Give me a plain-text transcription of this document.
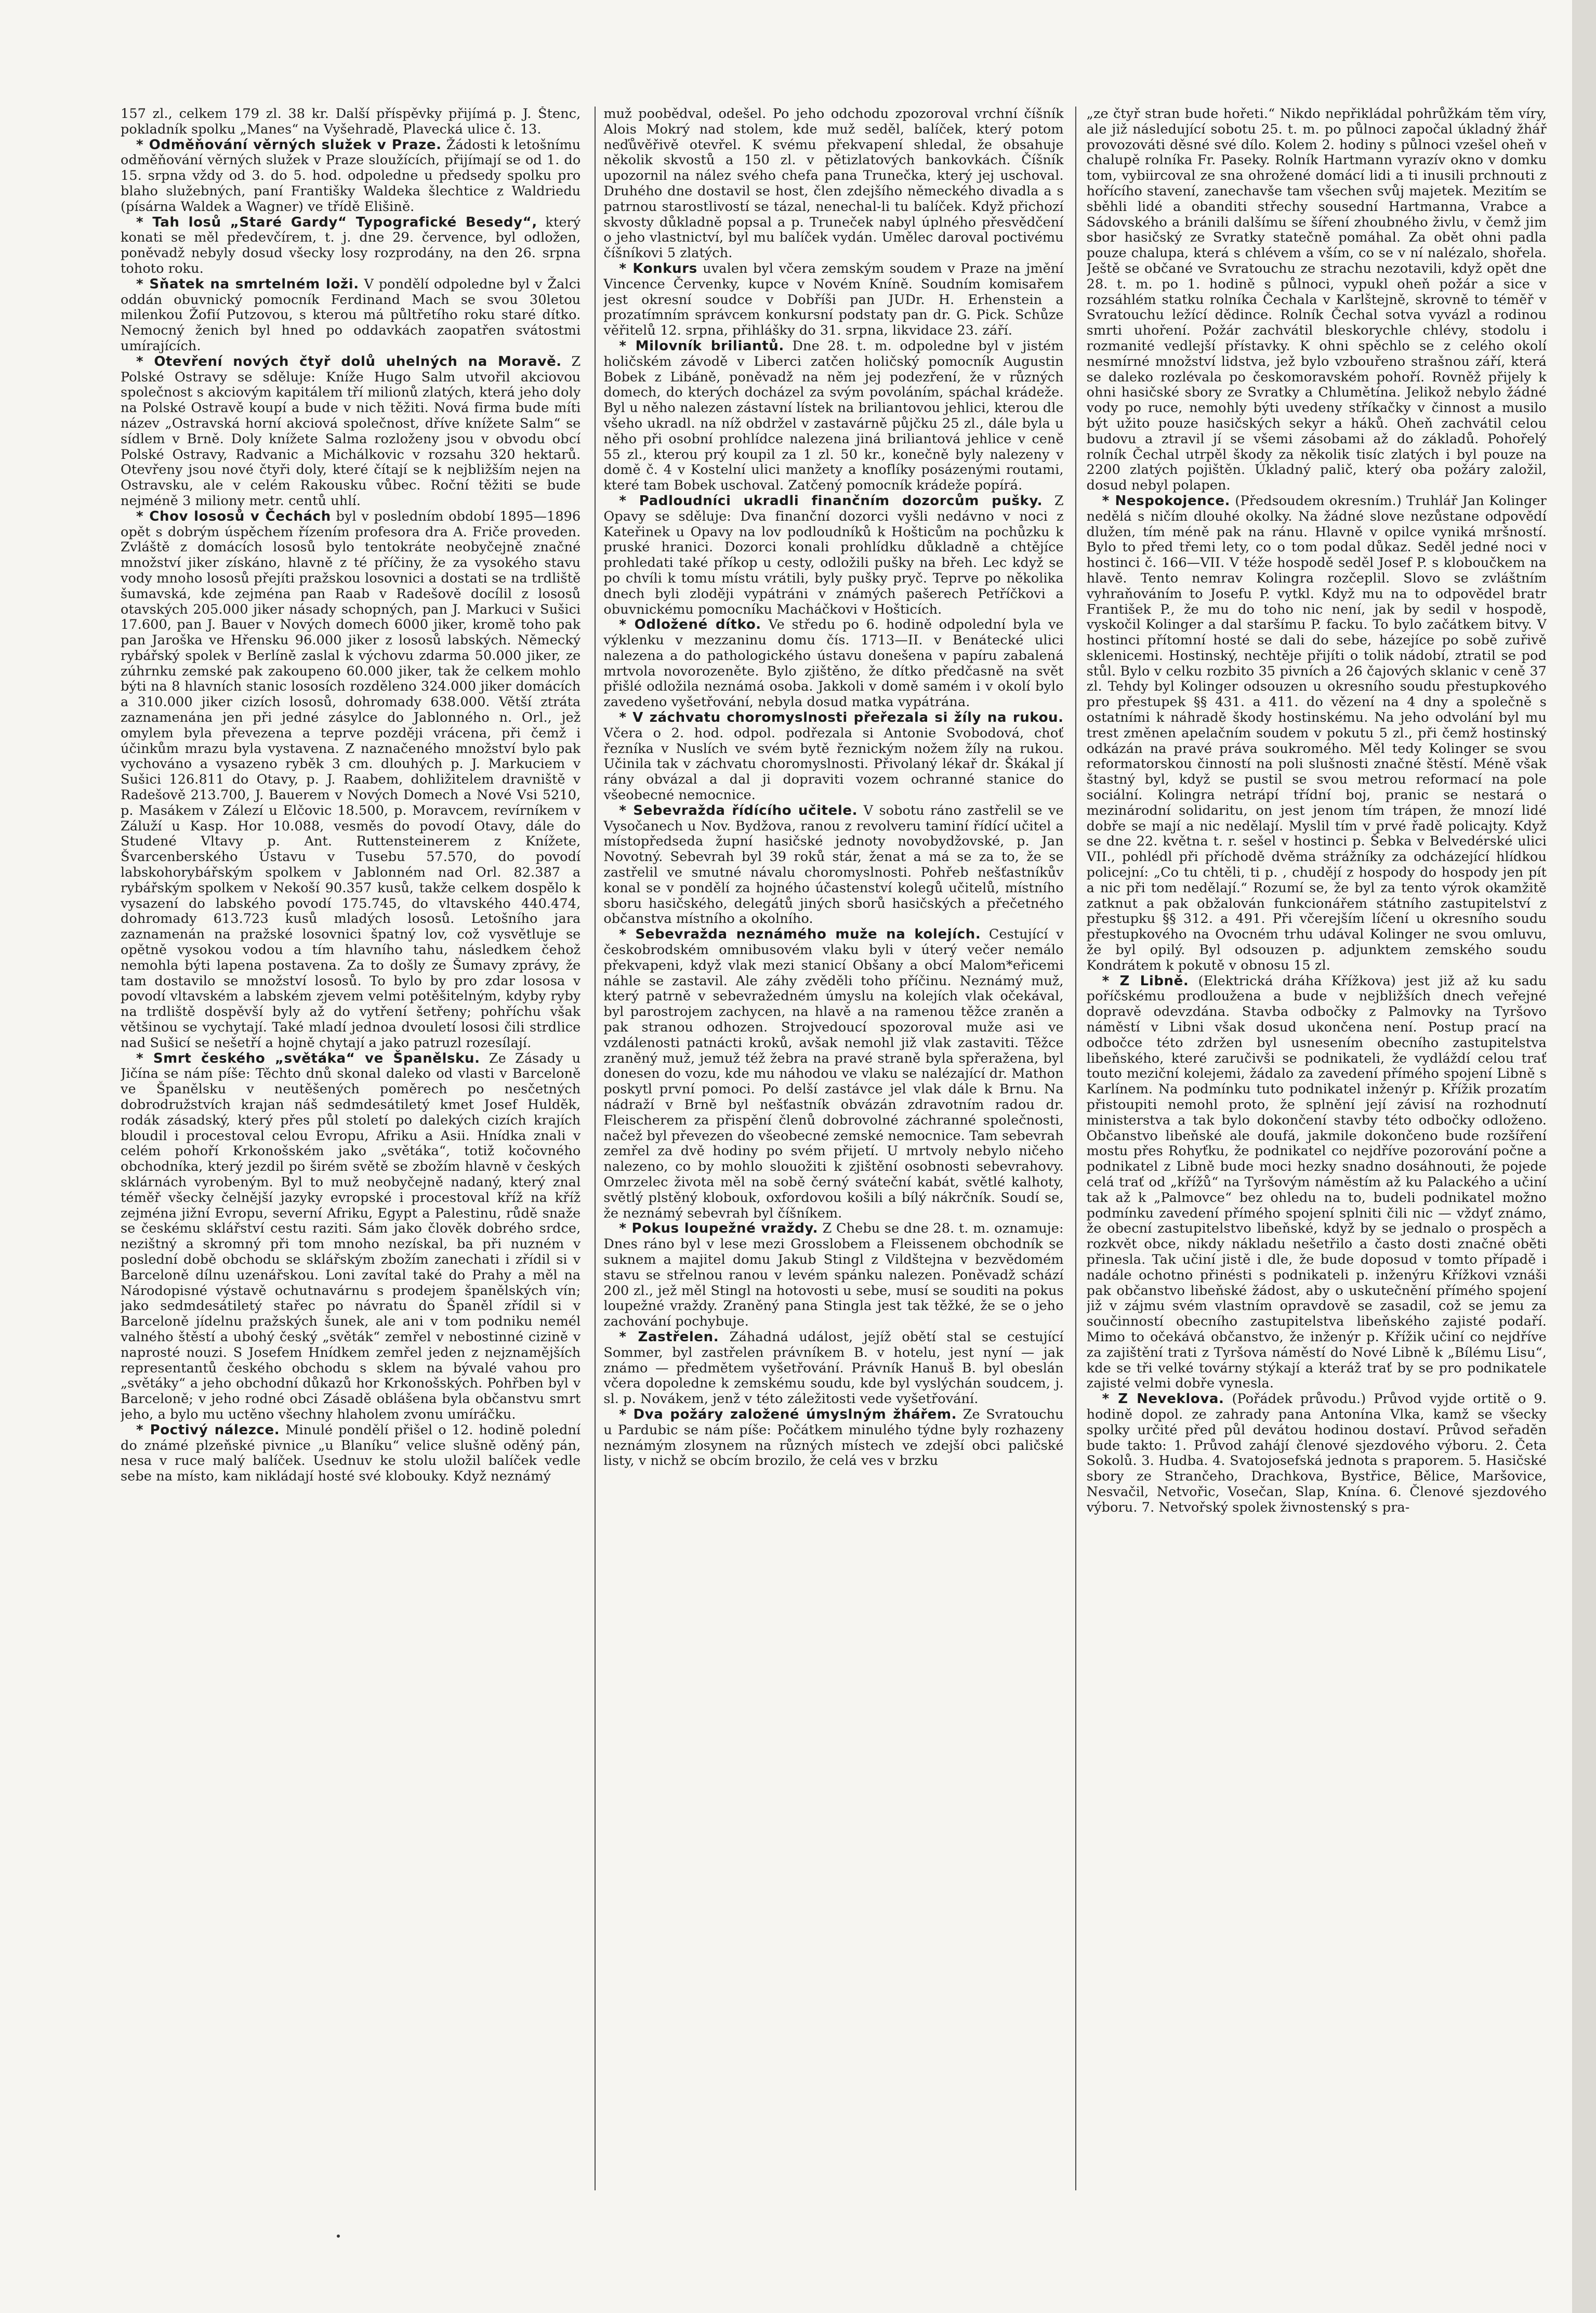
157 zl., celkem 179 zl. 38 kr. Další příspěvky přijímá p. J. Štenc, pokladník spolku „Manes“ na Vyšehradě, Plavecká ulice č. 13.

* Odměňování věrných služek v Praze. Žádosti k letošnímu odměňování věrných služek v Praze sloužících, přijímají se od 1. do 15. srpna vždy od 3. do 5. hod. odpoledne u předsedy spolku pro blaho služebných, paní Františky Waldeka šlechtice z Waldriedu (písárna Waldek a Wagner) ve třídě Elišině.

* Tah losů „Staré Gardy“ Typografické Besedy“, který konati se měl předevčírem, t. j. dne 29. července, byl odložen, poněvadž nebyly dosud všecky losy rozprodány, na den 26. srpna tohoto roku.

* Sňatek na smrtelném loži. V pondělí odpoledne byl v Žalci oddán obuvnický pomocník Ferdinand Mach se svou 30letou milenkou Žofií Putzovou, s kterou má půltřetího roku staré dítko. Nemocný ženich byl hned po oddavkách zaopatřen svátostmi umírajících.

* Otevření nových čtyř dolů uhelných na Moravě. Z Polské Ostravy se sděluje: Kníže Hugo Salm utvořil akciovou společnost s akciovým kapitálem tří milionů zlatých, která jeho doly na Polské Ostravě koupí a bude v nich těžiti. Nová firma bude míti název „Ostravská horní akciová společnost, dříve knížete Salm“ se sídlem v Brně. Doly knížete Salma rozloženy jsou v obvodu obcí Polské Ostravy, Radvanic a Michálkovic v rozsahu 320 hektarů. Otevřeny jsou nové čtyři doly, které čítají se k nejbližším nejen na Ostravsku, ale v celém Rakousku vůbec. Roční těžiti se bude nejméně 3 miliony metr. centů uhlí.

* Chov lososů v Čechách byl v posledním období 1895—1896 opět s dobrým úspěchem řízením profesora dra A. Friče proveden. Zvláště z domácích lososů bylo tentokráte neobyčejně značné množství jiker získáno, hlavně z té příčiny, že za vysokého stavu vody mnoho lososů přejíti pražskou losovnici a dostati se na trdliště šumavská, kde zejména pan Raab v Radešově docílil z lososů otavských 205.000 jiker násady schopných, pan J. Markuci v Sušici 17.600, pan J. Bauer v Nových domech 6000 jiker, kromě toho pak pan Jaroška ve Hřensku 96.000 jiker z lososů labských. Německý rybářský spolek v Berlíně zaslal k výchovu zdarma 50.000 jiker, ze zúhrnku zemské pak zakoupeno 60.000 jiker, tak že celkem mohlo býti na 8 hlavních stanic lososích rozděleno 324.000 jiker domácích a 310.000 jiker cizích lososů, dohromady 638.000. Větší ztráta zaznamenána jen při jedné zásylce do Jablonného n. Orl., jež omylem byla převezena a teprve později vrácena, při čemž i účinkům mrazu byla vystavena. Z naznačeného množství bylo pak vychováno a vysazeno ryběk 3 cm. dlouhých p. J. Markuciem v Sušici 126.811 do Otavy, p. J. Raabem, dohližitelem dravniště v Radešově 213.700, J. Bauerem v Nových Domech a Nové Vsi 5210, p. Masákem v Zálezí u Elčovic 18.500, p. Moravcem, revírníkem v Záluží u Kasp. Hor 10.088, vesměs do povodí Otavy, dále do Studené Vltavy p. Ant. Ruttensteinerem z Knížete, Švarcenberského Ústavu v Tusebu 57.570, do povodí labskohorybářským spolkem v Jablonném nad Orl. 82.387 a rybářským spolkem v Nekoší 90.357 kusů, takže celkem dospělo k vysazení do labského povodí 175.745, do vltavského 440.474, dohromady 613.723 kusů mladých lososů. Letošního jara zaznamenán na pražské losovnici špatný lov, což vysvětluje se opětně vysokou vodou a tím hlavního tahu, následkem čehož nemohla býti lapena postavena. Za to došly ze Šumavy zprávy, že tam dostavilo se množství lososů. To bylo by pro zdar lososa v povodí vltavském a labském zjevem velmi potěšitelným, kdyby ryby na trdliště dospěvší byly až do vytření šetřeny; pohříchu však většinou se vychytají. Také mladí jednoa dvouletí lososi čili strdlice nad Sušicí se nešetří a hojně chytají a jako patruzl rozesílají.

* Smrt českého „světáka“ ve Španělsku. Ze Zásady u Jičína se nám píše: Těchto dnů skonal daleko od vlasti v Barceloně ve Španělsku v neutěšených poměrech po nesčetných dobrodružstvích krajan náš sedmdesátiletý kmet Josef Hulděk, rodák zásadský, který přes půl století po dalekých cizích krajích bloudil i procestoval celou Evropu, Afriku a Asii. Hnídka znali v celém pohoří Krkonošském jako „světáka“, totiž kočovného obchodníka, který jezdil po širém světě se zbožím hlavně v českých sklárnách vyrobeným. Byl to muž neobyčejně nadaný, který znal téměř všecky čelnější jazyky evropské i procestoval kříž na kříž zejména jižní Evropu, severní Afriku, Egypt a Palestinu, růdě snaže se českému sklářství cestu raziti. Sám jako člověk dobrého srdce, nezištný a skromný při tom mnoho nezískal, ba při nuzném v poslední době obchodu se sklářským zbožím zanechati i zřídil si v Barceloně dílnu uzenářskou. Loni zavítal také do Prahy a měl na Národopisné výstavě ochutnavárnu s prodejem španělských vín; jako sedmdesátiletý stařec po návratu do Španěl zřídil si v Barceloně jídelnu pražských šunek, ale ani v tom podniku nemél valného štěstí a ubohý český „světák“ zemřel v nebostinné cizině v naprosté nouzi. S Josefem Hnídkem zemřel jeden z nejznamějších representantů českého obchodu s sklem na bývalé vahou pro „světáky“ a jeho obchodní důkazů hor Krkonošských. Pohřben byl v Barceloně; v jeho rodné obci Zásadě oblášena byla občanstvu smrt jeho, a bylo mu uctěno všechny hlaholem zvonu umíráčku.

* Poctivý nálezce. Minulé pondělí přišel o 12. hodině polední do známé plzeňské pivnice „u Blaníku“ velice slušně oděný pán, nesa v ruce malý balíček. Usednuv ke stolu uložil balíček vedle sebe na místo, kam nikládají hosté své klobouky. Když neznámý

muž poobědval, odešel. Po jeho odchodu zpozoroval vrchní číšník Alois Mokrý nad stolem, kde muž seděl, balíček, který potom neďůvěřivě otevřel. K svému překvapení shledal, že obsahuje několik skvostů a 150 zl. v pětizlatových bankovkách. Číšník upozornil na nález svého chefa pana Trunečka, který jej uschoval. Druhého dne dostavil se host, člen zdejšího německého divadla a s patrnou starostlivostí se tázal, nenechal-li tu balíček. Když přichozí skvosty důkladně popsal a p. Truneček nabyl úplného přesvědčení o jeho vlastnictví, byl mu balíček vydán. Umělec daroval poctivému číšníkovi 5 zlatých.

* Konkurs uvalen byl včera zemským soudem v Praze na jmění Vincence Červenky, kupce v Novém Kníně. Soudním komisařem jest okresní soudce v Dobříši pan JUDr. H. Erhenstein a prozatímním správcem konkursní podstaty pan dr. G. Pick. Schůze věřitelů 12. srpna, přihlášky do 31. srpna, likvidace 23. září.

* Milovník briliantů. Dne 28. t. m. odpoledne byl v jistém holičském závodě v Liberci zatčen holičský pomocník Augustin Bobek z Libáně, poněvadž na něm jej podezření, že v různých domech, do kterých docházel za svým povoláním, spáchal krádeže. Byl u něho nalezen zástavní lístek na briliantovou jehlici, kterou dle všeho ukradl. na níž obdržel v zastavárně půjčku 25 zl., dále byla u něho při osobní prohlídce nalezena jiná briliantová jehlice v ceně 55 zl., kterou prý koupil za 1 zl. 50 kr., konečně byly nalezeny v domě č. 4 v Kostelní ulici manžety a knoflíky posázenými routami, které tam Bobek uschoval. Zatčený pomocník krádeže popírá.

* Padloudníci ukradli finančním dozorcům pušky. Z Opavy se sděluje: Dva finanční dozorci vyšli nedávno v noci z Kateřinek u Opavy na lov podloudníků k Hošticům na pochůzku k pruské hranici. Dozorci konali prohlídku důkladně a chtějíce prohledati také příkop u cesty, odložili pušky na břeh. Lec když se po chvíli k tomu místu vrátili, byly pušky pryč. Teprve po několika dnech byli zloději vypátráni v známých pašerech Petříčkovi a obuvnickému pomocníku Macháčkovi v Hošticích.

* Odložené dítko. Ve středu po 6. hodině odpolední byla ve výklenku v mezzaninu domu čís. 1713—II. v Benátecké ulici nalezena a do pathologického ústavu donešena v papíru zabalená mrtvola novorozeněte. Bylo zjištěno, že dítko předčasně na svět přišlé odložila neznámá osoba. Jakkoli v domě samém i v okolí bylo zavedeno vyšetřování, nebyla dosud matka vypátrána.

* V záchvatu choromyslnosti přeřezala si žíly na rukou. Včera o 2. hod. odpol. podřezala si Antonie Svobodová, choť řezníka v Nuslích ve svém bytě řeznickým nožem žíly na rukou. Učinila tak v záchvatu choromyslnosti. Přivolaný lékař dr. Škákal jí rány obvázal a dal ji dopraviti vozem ochranné stanice do všeobecné nemocnice.

* Sebevražda řídícího učitele. V sobotu ráno zastřelil se ve Vysočanech u Nov. Bydžova, ranou z revolveru taminí řídící učitel a místopředseda župní hasičské jednoty novobydžovské, p. Jan Novotný. Sebevrah byl 39 roků stár, ženat a má se za to, že se zastřelil ve smutné návalu choromyslnosti. Pohřeb nešťastníkův konal se v pondělí za hojného účastenství kolegů učitelů, místního sboru hasičského, delegátů jiných sborů hasičských a přečetného občanstva místního a okolního.

* Sebevražda neznámého muže na kolejích. Cestující v českobrodském omnibusovém vlaku byli v úterý večer nemálo překvapeni, když vlak mezi stanicí Obšany a obcí Malom*eřicemi náhle se zastavil. Ale záhy zvěděli toho příčinu. Neznámý muž, který patrně v sebevražedném úmyslu na kolejích vlak očekával, byl parostrojem zachycen, na hlavě a na ramenou těžce zraněn a pak stranou odhozen. Strojvedoucí spozoroval muže asi ve vzdálenosti patnácti kroků, avšak nemohl již vlak zastaviti. Těžce zraněný muž, jemuž též žebra na pravé straně byla spřeražena, byl donesen do vozu, kde mu náhodou ve vlaku se nalézající dr. Mathon poskytl první pomoci. Po delší zastávce jel vlak dále k Brnu. Na nádraží v Brně byl nešťastník obvázán zdravotním radou dr. Fleischerem za přispění členů dobrovolné záchranné společnosti, načež byl převezen do všeobecné zemské nemocnice. Tam sebevrah zemřel za dvě hodiny po svém přijetí. U mrtvoly nebylo ničeho nalezeno, co by mohlo slouožiti k zjištění osobnosti sebevrahovy. Omrzelec života měl na sobě černý sváteční kabát, světlé kalhoty, světlý plstěný klobouk, oxfordovou košili a bílý nákrčník. Soudí se, že neznámý sebevrah byl číšníkem.

* Pokus loupežné vraždy. Z Chebu se dne 28. t. m. oznamuje: Dnes ráno byl v lese mezi Grosslobem a Fleissenem obchodník se suknem a majitel domu Jakub Stingl z Vildštejna v bezvědomém stavu se střelnou ranou v levém spánku nalezen. Poněvadž schází 200 zl., jež měl Stingl na hotovosti u sebe, musí se souditi na pokus loupežné vraždy. Zraněný pana Stingla jest tak těžké, že se o jeho zachování pochybuje.

* Zastřelen. Záhadná událost, jejíž obětí stal se cestující Sommer, byl zastřelen právníkem B. v hotelu, jest nyní — jak známo — předmětem vyšetřování. Právník Hanuš B. byl obeslán včera dopoledne k zemskému soudu, kde byl vyslýchán soudcem, j. sl. p. Novákem, jenž v této záležitosti vede vyšetřování.

* Dva požáry založené úmyslným žhářem. Ze Svratouchu u Pardubic se nám píše: Počátkem minulého týdne byly rozhazeny neznámým zlosynem na různých místech ve zdejší obci paličské listy, v nichž se obcím brozilo, že celá ves v brzku

„ze čtyř stran bude hořeti.“ Nikdo nepřikládal pohrůžkám těm víry, ale již následující sobotu 25. t. m. po půlnoci započal úkladný žhář provozováti děsné své dílo. Kolem 2. hodiny s půlnoci vzešel oheň v chalupě rolníka Fr. Paseky. Rolník Hartmann vyrazív okno v domku tom, vybiircoval ze sna ohrožené domácí lidi a ti inusili prchnouti z hořícího stavení, zanechavše tam všechen svůj majetek. Mezitím se sběhli lidé a obanditi střechy sousední Hartmanna, Vrabce a Sádovského a bránili dalšímu se šíření zhoubného živlu, v čemž jim sbor hasičský ze Svratky statečně pomáhal. Za obět ohni padla pouze chalupa, která s chlévem a vším, co se v ní nalézalo, shořela. Ještě se občané ve Svratouchu ze strachu nezotavili, když opět dne 28. t. m. po 1. hodině s půlnoci, vypukl oheň požár a sice v rozsáhlém statku rolníka Čechala v Karlštejně, skrovně to téměř v Svratouchu ležící dědince. Rolník Čechal sotva vyvázl a rodinou smrti uhoření. Požár zachvátil bleskorychle chlévy, stodolu i rozmanité vedlejší přístavky. K ohni spěchlo se z celého okolí nesmírné množství lidstva, jež bylo vzbouřeno strašnou září, která se daleko rozlévala po českomoravském pohoří. Rovněž přijely k ohni hasičské sbory ze Svratky a Chlumětína. Jelikož nebylo žádné vody po ruce, nemohly býti uvedeny stříkačky v činnost a musilo být užito pouze hasičských sekyr a háků. Oheň zachvátil celou budovu a ztravil jí se všemi zásobami až do základů. Pohořelý rolník Čechal utrpěl škody za několik tisíc zlatých i byl pouze na 2200 zlatých pojištěn. Úkladný palič, který oba požáry založil, dosud nebyl polapen.

* Nespokojence. (Předsoudem okresním.) Truhlář Jan Kolinger nedělá s ničím dlouhé okolky. Na žádné slove nezůstane odpovědí dlužen, tím méně pak na ránu. Hlavně v opilce vyniká mršností. Bylo to před třemi lety, co o tom podal důkaz. Seděl jedné noci v hostinci č. 166—VII. V téže hospodě seděl Josef P. s kloboučkem na hlavě. Tento nemrav Kolingra rozčeplil. Slovo se zvláštním vyhraňováním to Josefu P. vytkl. Když mu na to odpovědel bratr František P., že mu do toho nic není, jak by sedil v hospodě, vyskočil Kolinger a dal staršímu P. facku. To bylo začátkem bitvy. V hostinci přítomní hosté se dali do sebe, házejíce po sobě zuřivě sklenicemi. Hostinský, nechtěje přijíti o tolik nádobí, ztratil se pod stůl. Bylo v celku rozbito 35 pivních a 26 čajových sklanic v ceně 37 zl. Tehdy byl Kolinger odsouzen u okresního soudu přestupkového pro přestupek §§ 431. a 411. do vězení na 4 dny a společně s ostatními k náhradě škody hostinskému. Na jeho odvolání byl mu trest změnen apelačním soudem v pokutu 5 zl., při čemž hostinský odkázán na pravé práva soukromého. Měl tedy Kolinger se svou reformatorskou činností na poli slušnosti značné štěstí. Méně však štastný byl, když se pustil se svou metrou reformací na pole sociální. Kolingra netrápí třídní boj, pranic se nestará o mezinárodní solidaritu, on jest jenom tím trápen, že mnozí lidé dobře se mají a nic nedělají. Myslil tím v prvé řadě policajty. Když se dne 22. května t. r. sešel v hostinci p. Šebka v Belvedérské ulici VII., pohlédl při příchodě dvěma strážníky za odcházející hlídkou policejní: „Co tu chtěli, ti p. , chudějí z hospody do hospody jen pít a nic při tom nedělají.“ Rozumí se, že byl za tento výrok okamžitě zatknut a pak obžalován funkcionářem státního zastupitelství z přestupku §§ 312. a 491. Při včerejším líčení u okresního soudu přestupkového na Ovocném trhu udával Kolinger ne svou omluvu, že byl opilý. Byl odsouzen p. adjunktem zemského soudu Kondrátem k pokutě v obnosu 15 zl.

* Z Libně. (Elektrická dráha Křížkova) jest již až ku sadu poříčskému prodloužena a bude v nejbližších dnech veřejné dopravě odevzdána. Stavba odbočky z Palmovky na Tyršovo náměstí v Libni však dosud ukončena není. Postup prací na odbočce této zdržen byl usnesením obecního zastupitelstva libeňského, které zaručivši se podnikateli, že vydláždí celou trať touto meziční kolejemi, žádalo za zavedení přímého spojení Libně s Karlínem. Na podmínku tuto podnikatel inženýr p. Křížik prozatím přistoupiti nemohl proto, že splnění její závisí na rozhodnutí ministerstva a tak bylo dokončení stavby této odbočky odloženo. Občanstvo libeňské ale doufá, jakmile dokončeno bude rozšíření mostu přes Rohyťku, že podnikatel co nejdříve pozorování počne a podnikatel z Libně bude moci hezky snadno dosáhnouti, že pojede celá trať od „křížů“ na Tyršovým náměstím až ku Palackého a učiní tak až k „Palmovce“ bez ohledu na to, budeli podnikatel možno podmínku zavedení přímého spojení splniti čili nic — vždyť známo, že obecní zastupitelstvo libeňské, když by se jednalo o prospěch a rozkvět obce, nikdy nákladu nešetřilo a často dosti značné oběti přinesla. Tak učiní jistě i dle, že bude doposud v tomto případě i nadále ochotno přinésti s podnikateli p. inženýru Křížkovi vznáši pak občanstvo libeňské žádost, aby o uskutečnění přímého spojení již v zájmu svém vlastním opravdově se zasadil, což se jemu za součinností obecního zastupitelstva libeňského zajisté podaří. Mimo to očekává občanstvo, že inženýr p. Křížik učiní co nejdříve za zajištění trati z Tyršova náměstí do Nové Libně k „Bílému Lisu“, kde se tři velké továrny stýkají a kteráž trať by se pro podnikatele zajisté velmi dobře vynesla.

* Z Neveklova. (Pořádek průvodu.) Průvod vyjde ortitě o 9. hodině dopol. ze zahrady pana Antonína Vlka, kamž se všecky spolky určité před půl devátou hodinou dostaví. Průvod seřaděn bude takto: 1. Průvod zahájí členové sjezdového výboru. 2. Četa Sokolů. 3. Hudba. 4. Svatojosefská jednota s praporem. 5. Hasičské sbory ze Strančeho, Drachkova, Bystřice, Bělice, Maršovice, Nesvačil, Netvořic, Vosečan, Slap, Knína. 6. Členové sjezdového výboru. 7. Netvořský spolek živnostenský s pra-
